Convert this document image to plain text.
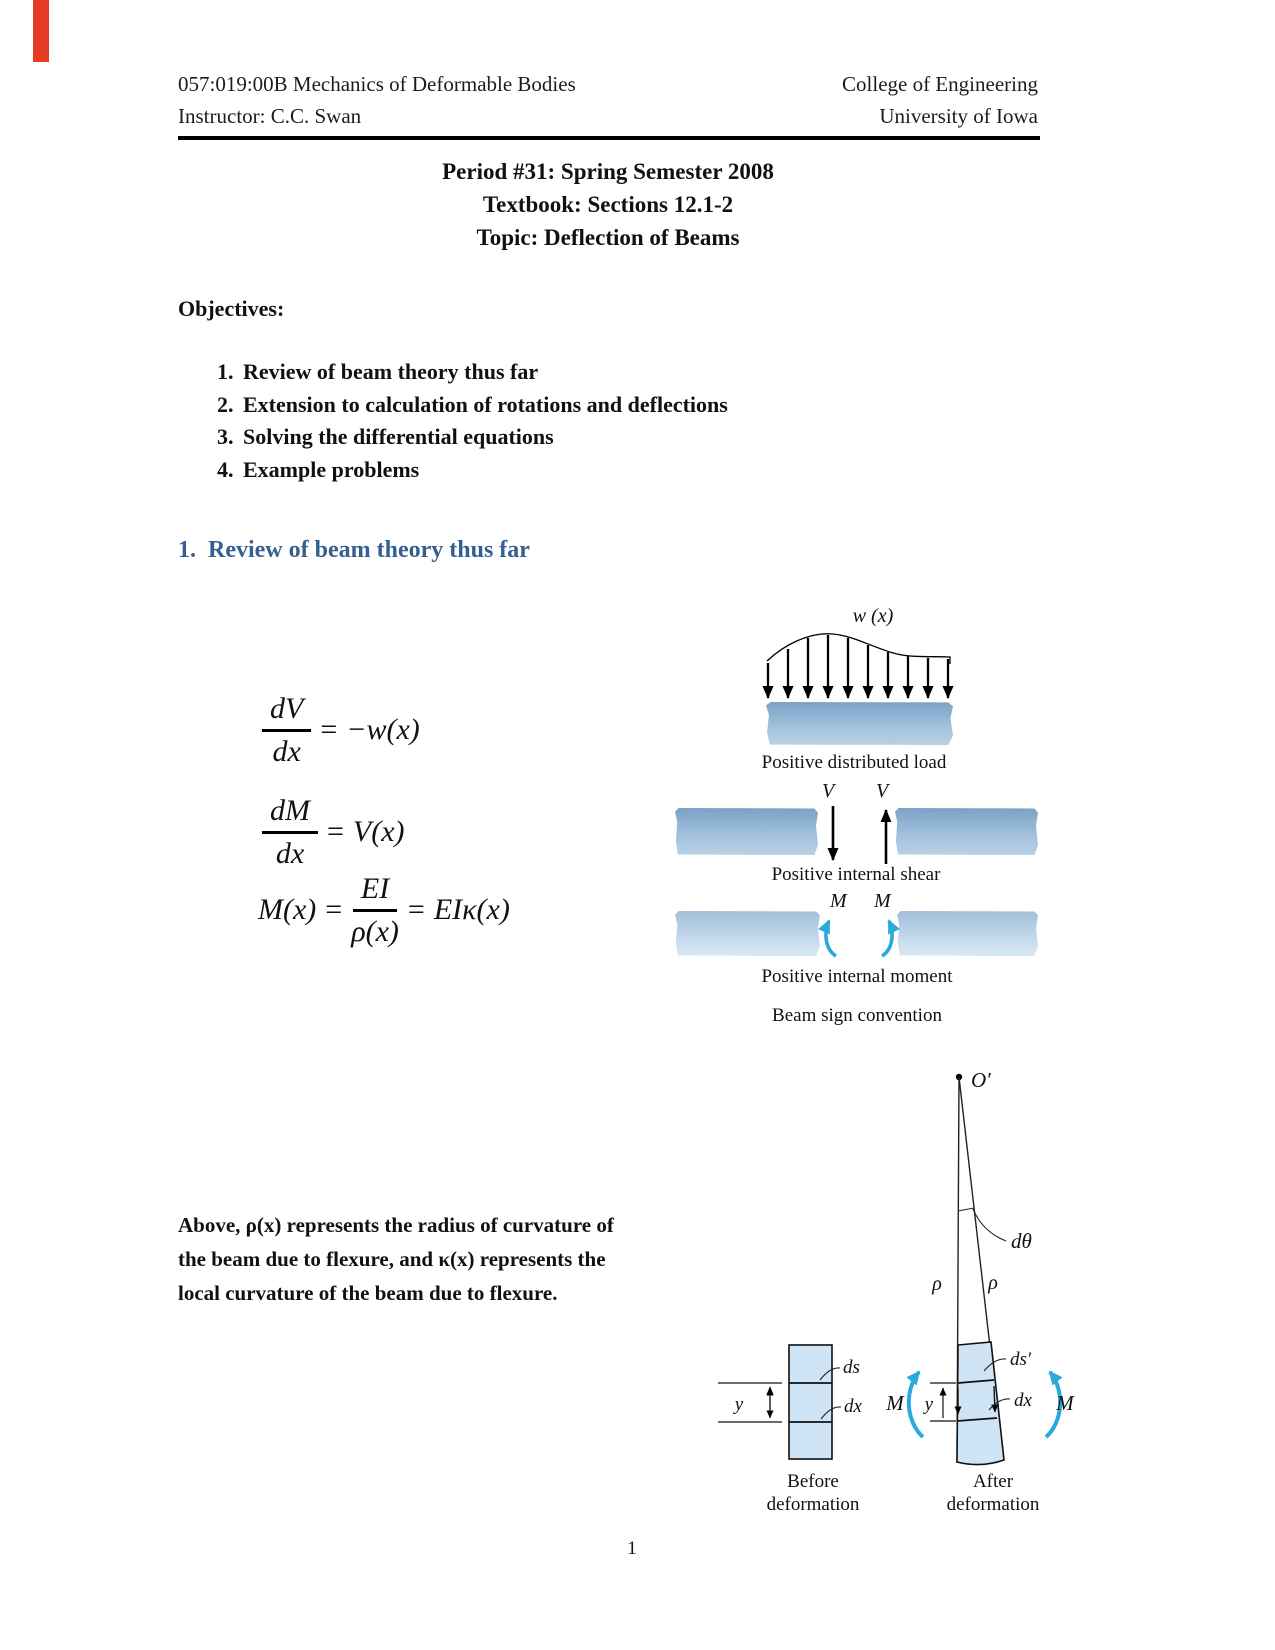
057:019:00B Mechanics of Deformable Bodies
Instructor: C.C. Swan
College of Engineering
University of Iowa
Period #31: Spring Semester 2008
Textbook: Sections 12.1-2
Topic: Deflection of Beams
Objectives:
1. Review of beam theory thus far
2. Extension to calculation of rotations and deflections
3. Solving the differential equations
4. Example problems
1.  Review of beam theory thus far
$\frac{dV}{dx} = -w(x)$
$\frac{dM}{dx} = V(x)$
$M(x) = \frac{EI}{\rho(x)} = EI\kappa(x)$
w (x)
Positive distributed load
V V
Positive internal shear
M M
Positive internal moment
Beam sign convention
O′
dθ
ρ ρ
ds
dx
y	y
ds′
dx
M	M
Before
deformation
After
deformation
Above, ρ(x) represents the radius of curvature of
the beam due to flexure, and κ(x) represents the
local curvature of the beam due to flexure.
1
